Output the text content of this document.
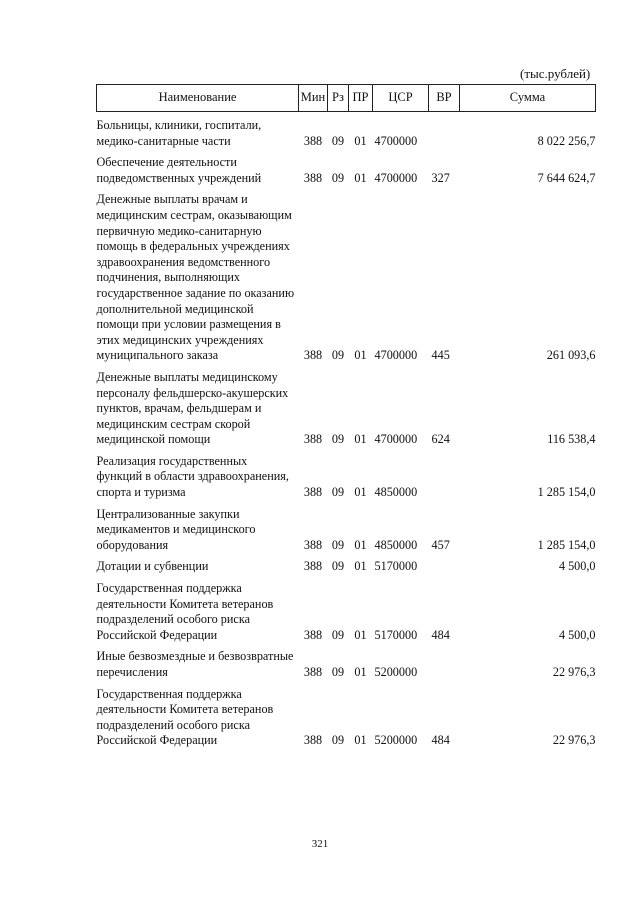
(тыс.рублей)
Наименование	Мин	Рз	ПР	ЦСР	ВР	Сумма
Больницы, клиники, госпитали, медико-санитарные части	388	09	01	4700000		8 022 256,7
Обеспечение деятельности подведомственных учреждений	388	09	01	4700000	327	7 644 624,7
Денежные выплаты врачам и медицинским сестрам, оказывающим первичную медико-санитарную помощь в федеральных учреждениях здравоохранения ведомственного подчинения, выполняющих государственное задание по оказанию дополнительной медицинской помощи при условии размещения в этих медицинских учреждениях муниципального заказа	388	09	01	4700000	445	261 093,6
Денежные выплаты медицинскому персоналу фельдшерско-акушерских пунктов, врачам, фельдшерам и медицинским сестрам скорой медицинской помощи	388	09	01	4700000	624	116 538,4
Реализация государственных функций в области здравоохранения, спорта и туризма	388	09	01	4850000		1 285 154,0
Централизованные закупки медикаментов и медицинского оборудования	388	09	01	4850000	457	1 285 154,0
Дотации и субвенции	388	09	01	5170000		4 500,0
Государственная поддержка деятельности Комитета ветеранов подразделений особого риска Российской Федерации	388	09	01	5170000	484	4 500,0
Иные безвозмездные и безвозвратные перечисления	388	09	01	5200000		22 976,3
Государственная поддержка деятельности Комитета ветеранов подразделений особого риска Российской Федерации	388	09	01	5200000	484	22 976,3
321
